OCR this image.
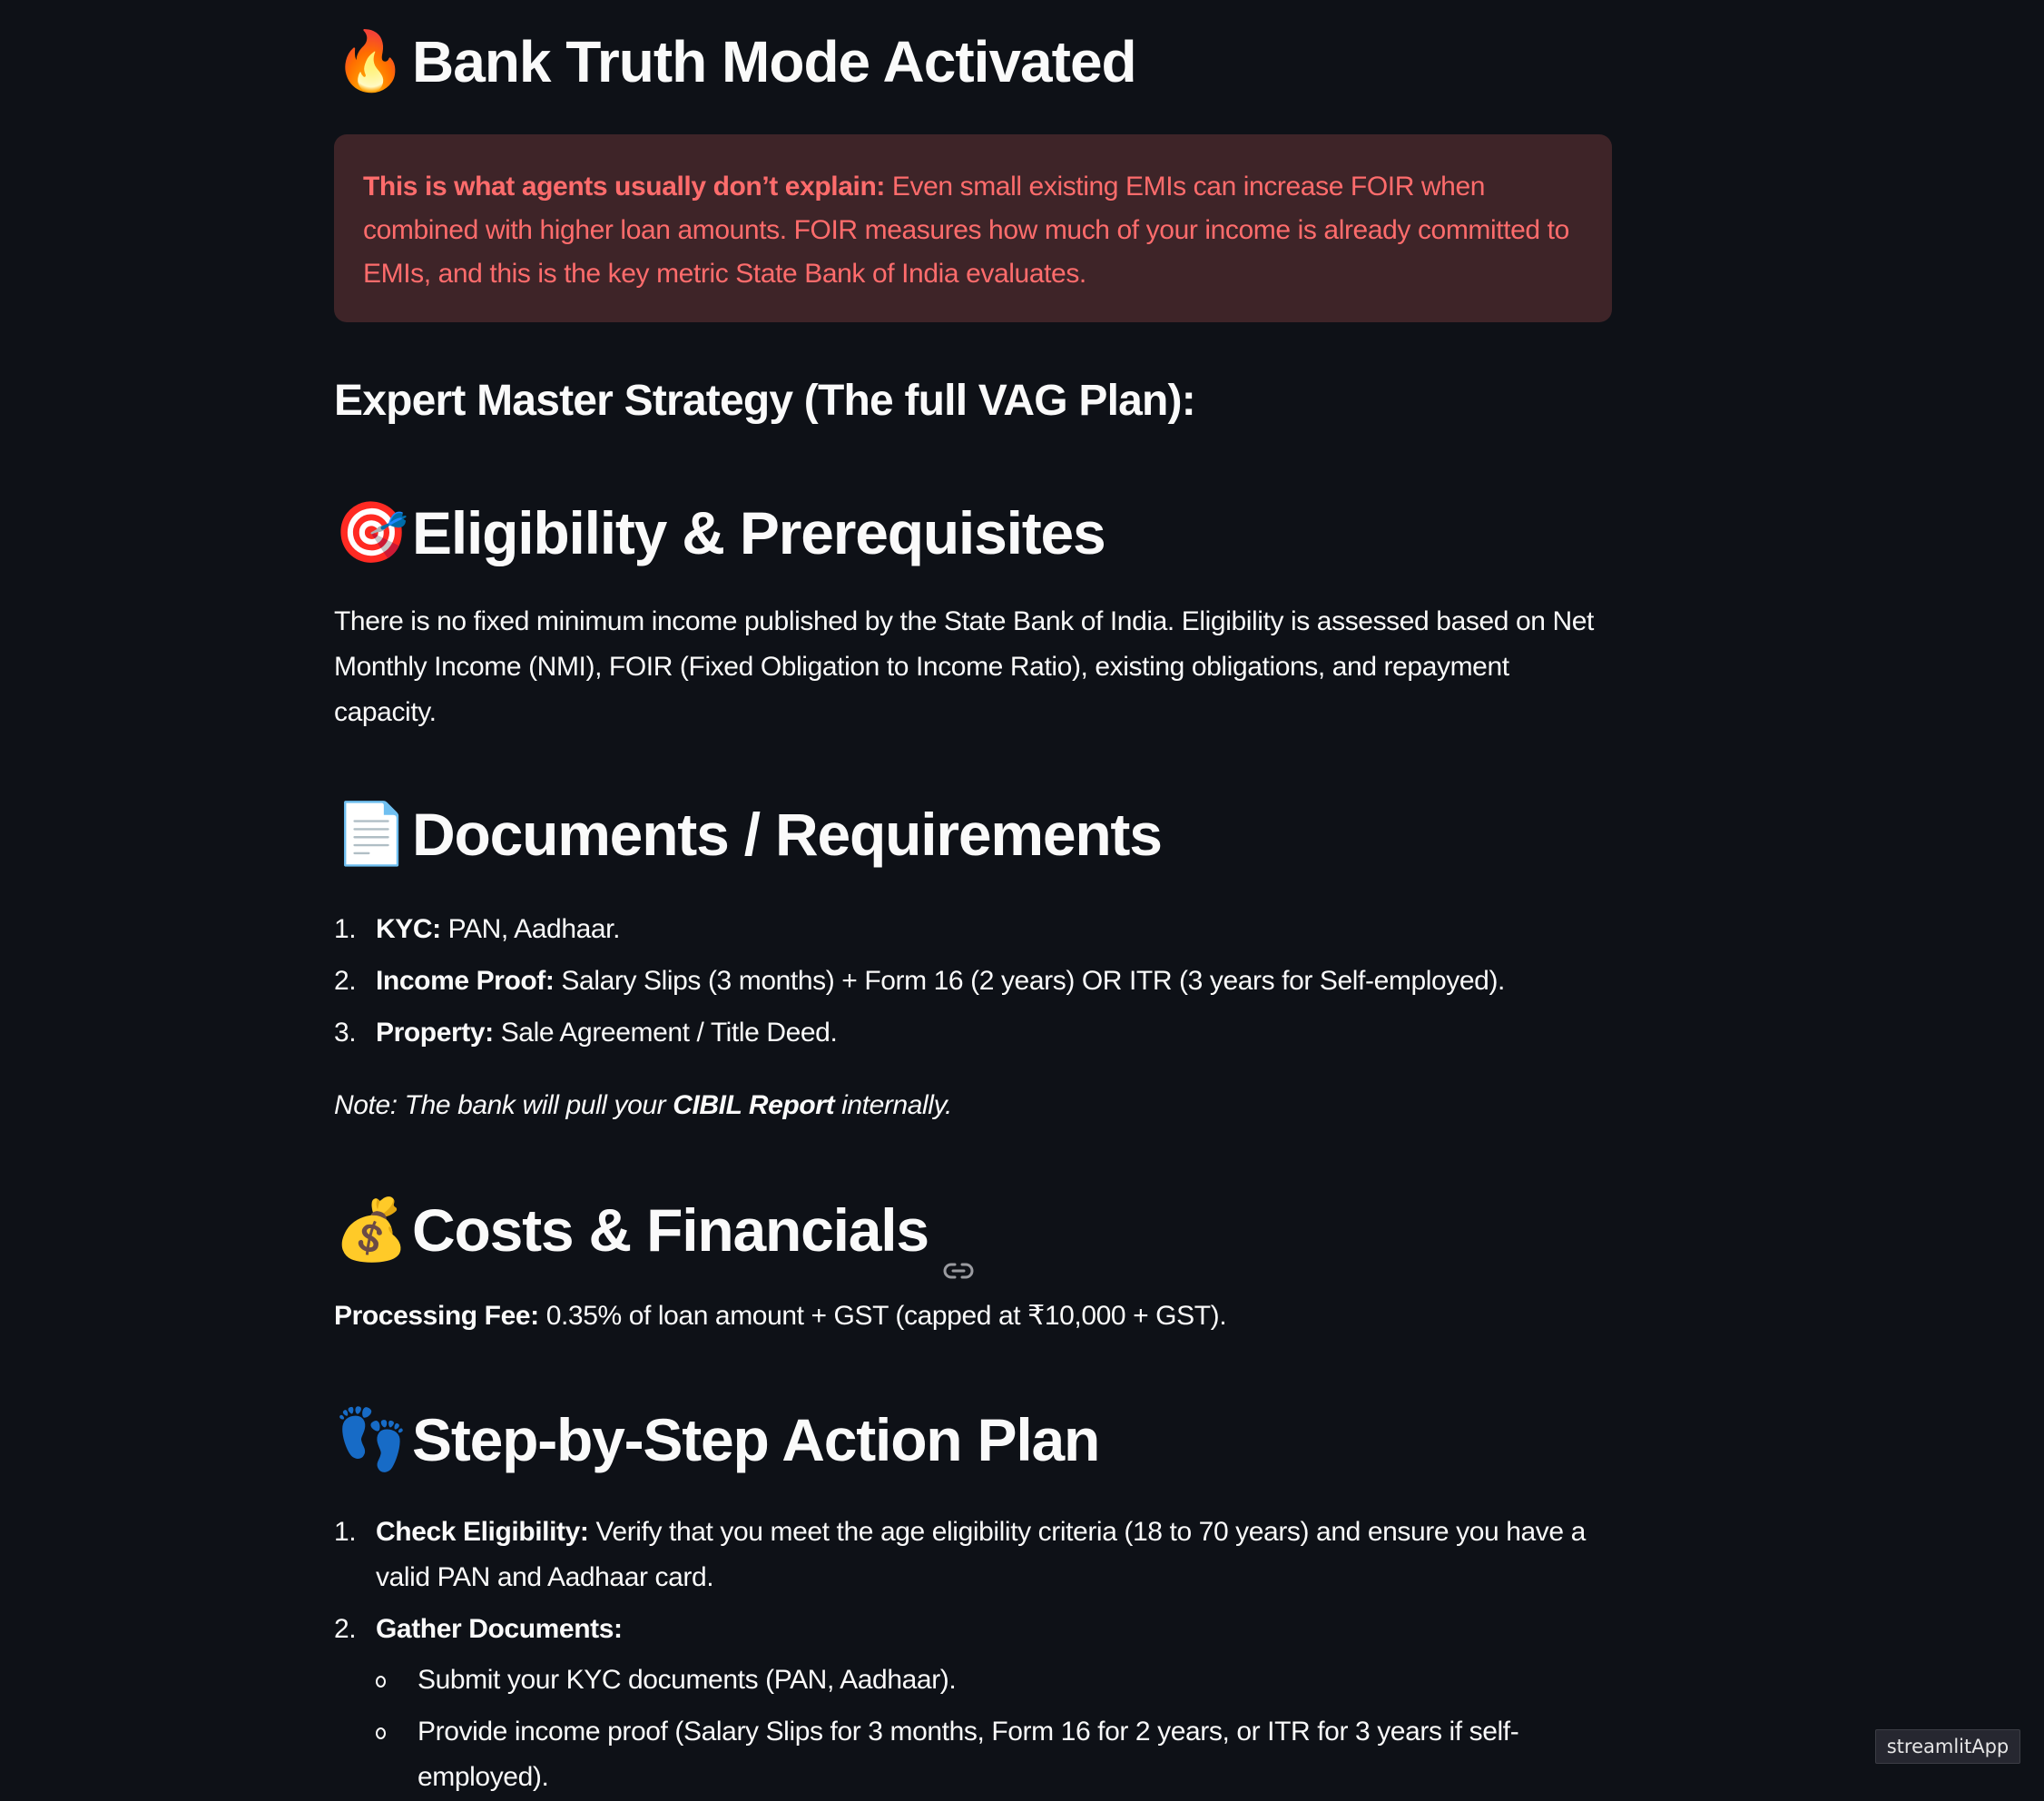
🔥 Bank Truth Mode Activated
This is what agents usually don’t explain: Even small existing EMIs can increase FOIR when combined with higher loan amounts. FOIR measures how much of your income is already committed to EMIs, and this is the key metric State Bank of India evaluates.
Expert Master Strategy (The full VAG Plan):
🎯 Eligibility & Prerequisites

There is no fixed minimum income published by the State Bank of India. Eligibility is assessed based on Net Monthly Income (NMI), FOIR (Fixed Obligation to Income Ratio), existing obligations, and repayment capacity.

📄 Documents / Requirements
1. KYC: PAN, Aadhaar.
2. Income Proof: Salary Slips (3 months) + Form 16 (2 years) OR ITR (3 years for Self-employed).
3. Property: Sale Agreement / Title Deed.

Note: The bank will pull your CIBIL Report internally.

💰 Costs & Financials

Processing Fee: 0.35% of loan amount + GST (capped at ₹10,000 + GST).

👣 Step-by-Step Action Plan
1. Check Eligibility: Verify that you meet the age eligibility criteria (18 to 70 years) and ensure you have a valid PAN and Aadhaar card.
2. Gather Documents:
Submit your KYC documents (PAN, Aadhaar).
Provide income proof (Salary Slips for 3 months, Form 16 for 2 years, or ITR for 3 years if self-employed).
streamlitApp
